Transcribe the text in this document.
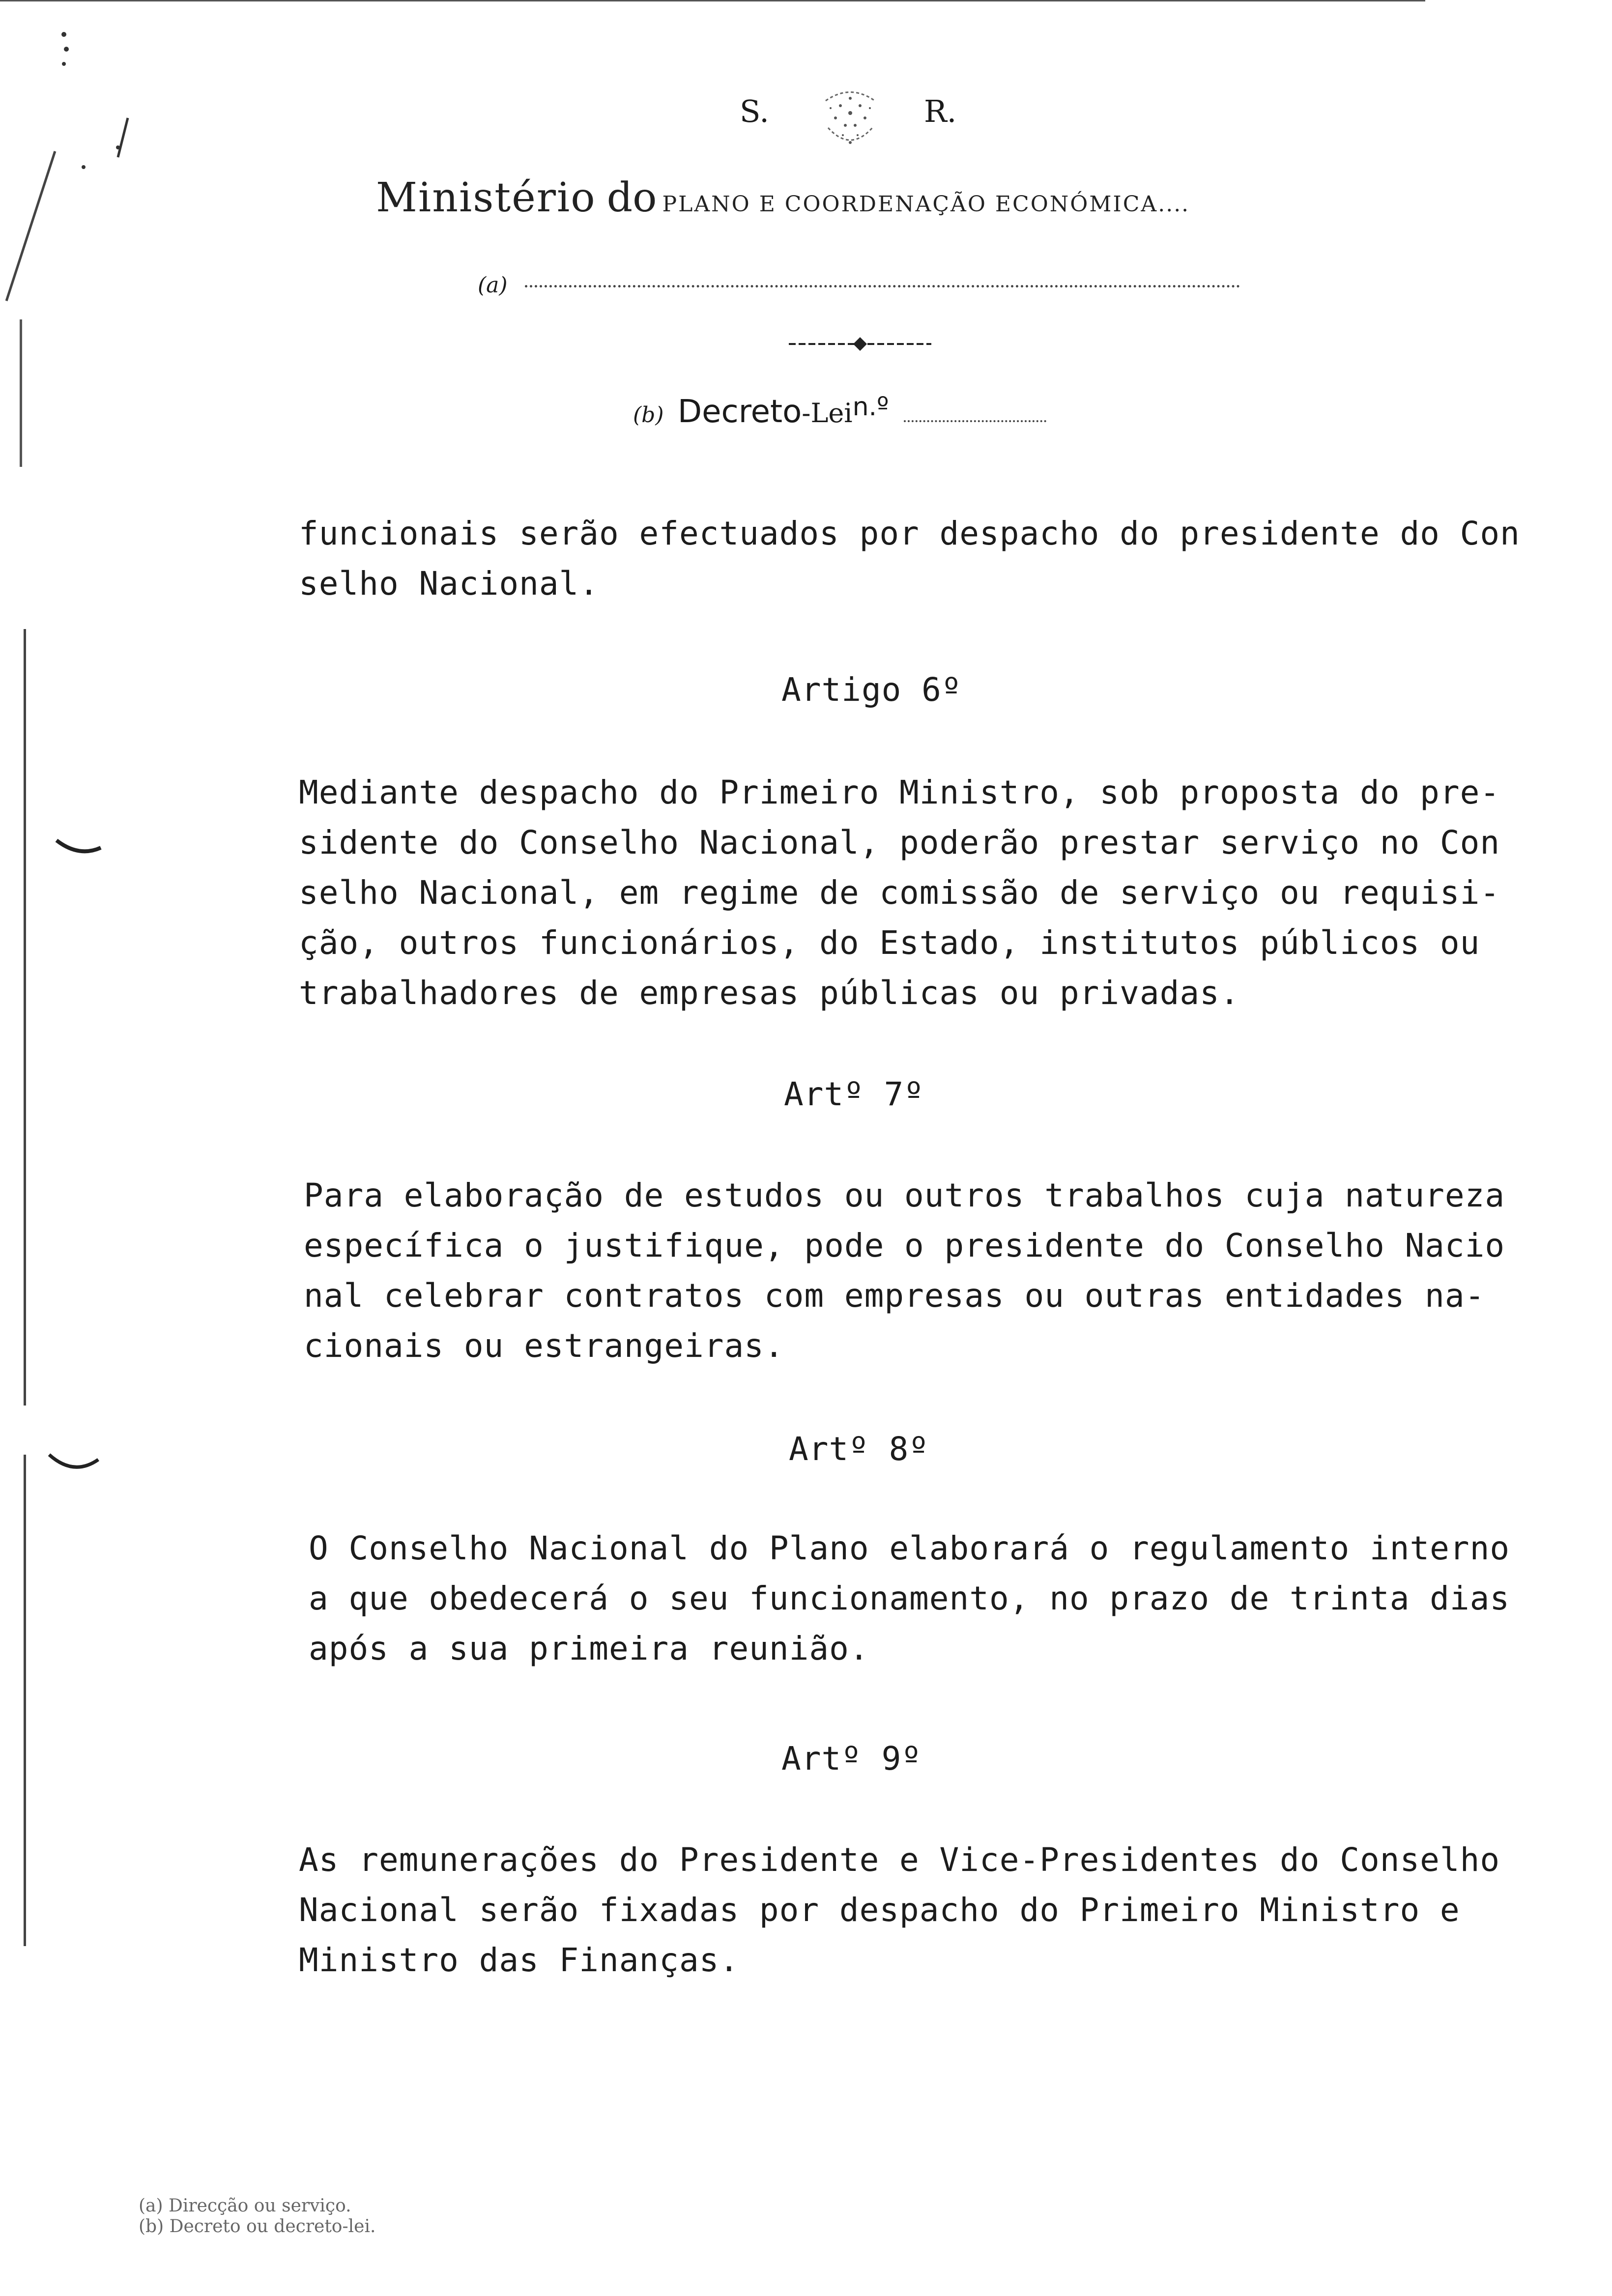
S.	R.
Ministério do PLANO E COORDENAÇÃO ECONÓMICA....
(a)
(b) Decreto-Lei$^{n.º}$
funcionais serão efectuados por despacho do presidente do Con
selho Nacional.
Artigo 6º
Mediante despacho do Primeiro Ministro, sob proposta do pre-
sidente do Conselho Nacional, poderão prestar serviço no Con
selho Nacional, em regime de comissão de serviço ou requisi-
ção, outros funcionários, do Estado, institutos públicos ou
trabalhadores de empresas públicas ou privadas.
Artº 7º
Para elaboração de estudos ou outros trabalhos cuja natureza
específica o justifique, pode o presidente do Conselho Nacio
nal celebrar contratos com empresas ou outras entidades na-
cionais ou estrangeiras.
Artº 8º
O Conselho Nacional do Plano elaborará o regulamento interno
a que obedecerá o seu funcionamento, no prazo de trinta dias
após a sua primeira reunião.
Artº 9º
As remunerações do Presidente e Vice-Presidentes do Conselho
Nacional serão fixadas por despacho do Primeiro Ministro e
Ministro das Finanças.
(a) Direcção ou serviço.
(b) Decreto ou decreto-lei.
